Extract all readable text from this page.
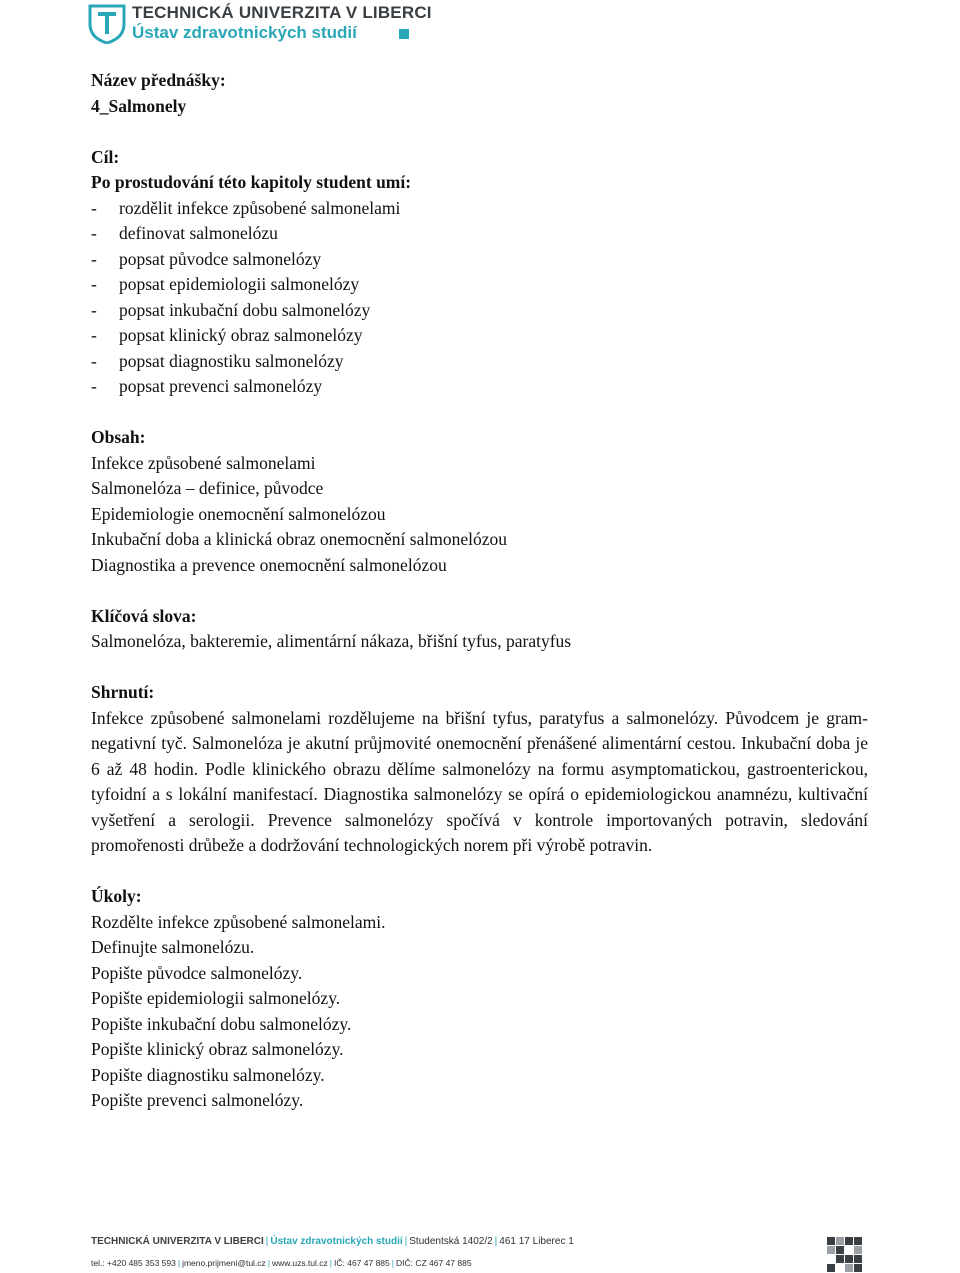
TECHNICKÁ UNIVERZITA V LIBERCI
Ústav zdravotnických studií
Název přednášky:
4_Salmonely
Cíl:
Po prostudování této kapitoly student umí:
- rozdělit infekce způsobené salmonelami
- definovat salmonelózu
- popsat původce salmonelózy
- popsat epidemiologii salmonelózy
- popsat inkubační dobu salmonelózy
- popsat klinický obraz salmonelózy
- popsat diagnostiku salmonelózy
- popsat prevenci salmonelózy
Obsah:
Infekce způsobené salmonelami
Salmonelóza – definice, původce
Epidemiologie onemocnění salmonelózou
Inkubační doba a klinická obraz onemocnění salmonelózou
Diagnostika a prevence onemocnění salmonelózou
Klíčová slova:
Salmonelóza, bakteremie, alimentární nákaza, břišní tyfus, paratyfus
Shrnutí:
Infekce způsobené salmonelami rozdělujeme na břišní tyfus, paratyfus a salmonelózy. Původcem je gram-negativní tyč. Salmonelóza je akutní průjmovité onemocnění přenášené alimentární cestou. Inkubační doba je 6 až 48 hodin. Podle klinického obrazu dělíme salmonelózy na formu asymptomatickou, gastroenterickou, tyfoidní a s lokální manifestací. Diagnostika salmonelózy se opírá o epidemiologickou anamnézu, kultivační vyšetření a serologii. Prevence salmonelózy spočívá v kontrole importovaných potravin, sledování promořenosti drůbeže a dodržování technologických norem při výrobě potravin.
Úkoly:
Rozdělte infekce způsobené salmonelami.
Definujte salmonelózu.
Popište původce salmonelózy.
Popište epidemiologii salmonelózy.
Popište inkubační dobu salmonelózy.
Popište klinický obraz salmonelózy.
Popište diagnostiku salmonelózy.
Popište prevenci salmonelózy.
TECHNICKÁ UNIVERZITA V LIBERCI | Ústav zdravotnických studií | Studentská 1402/2 | 461 17 Liberec 1
tel.: +420 485 353 593 | jmeno.prijmeni@tul.cz | www.uzs.tul.cz | IČ: 467 47 885 | DIČ: CZ 467 47 885
